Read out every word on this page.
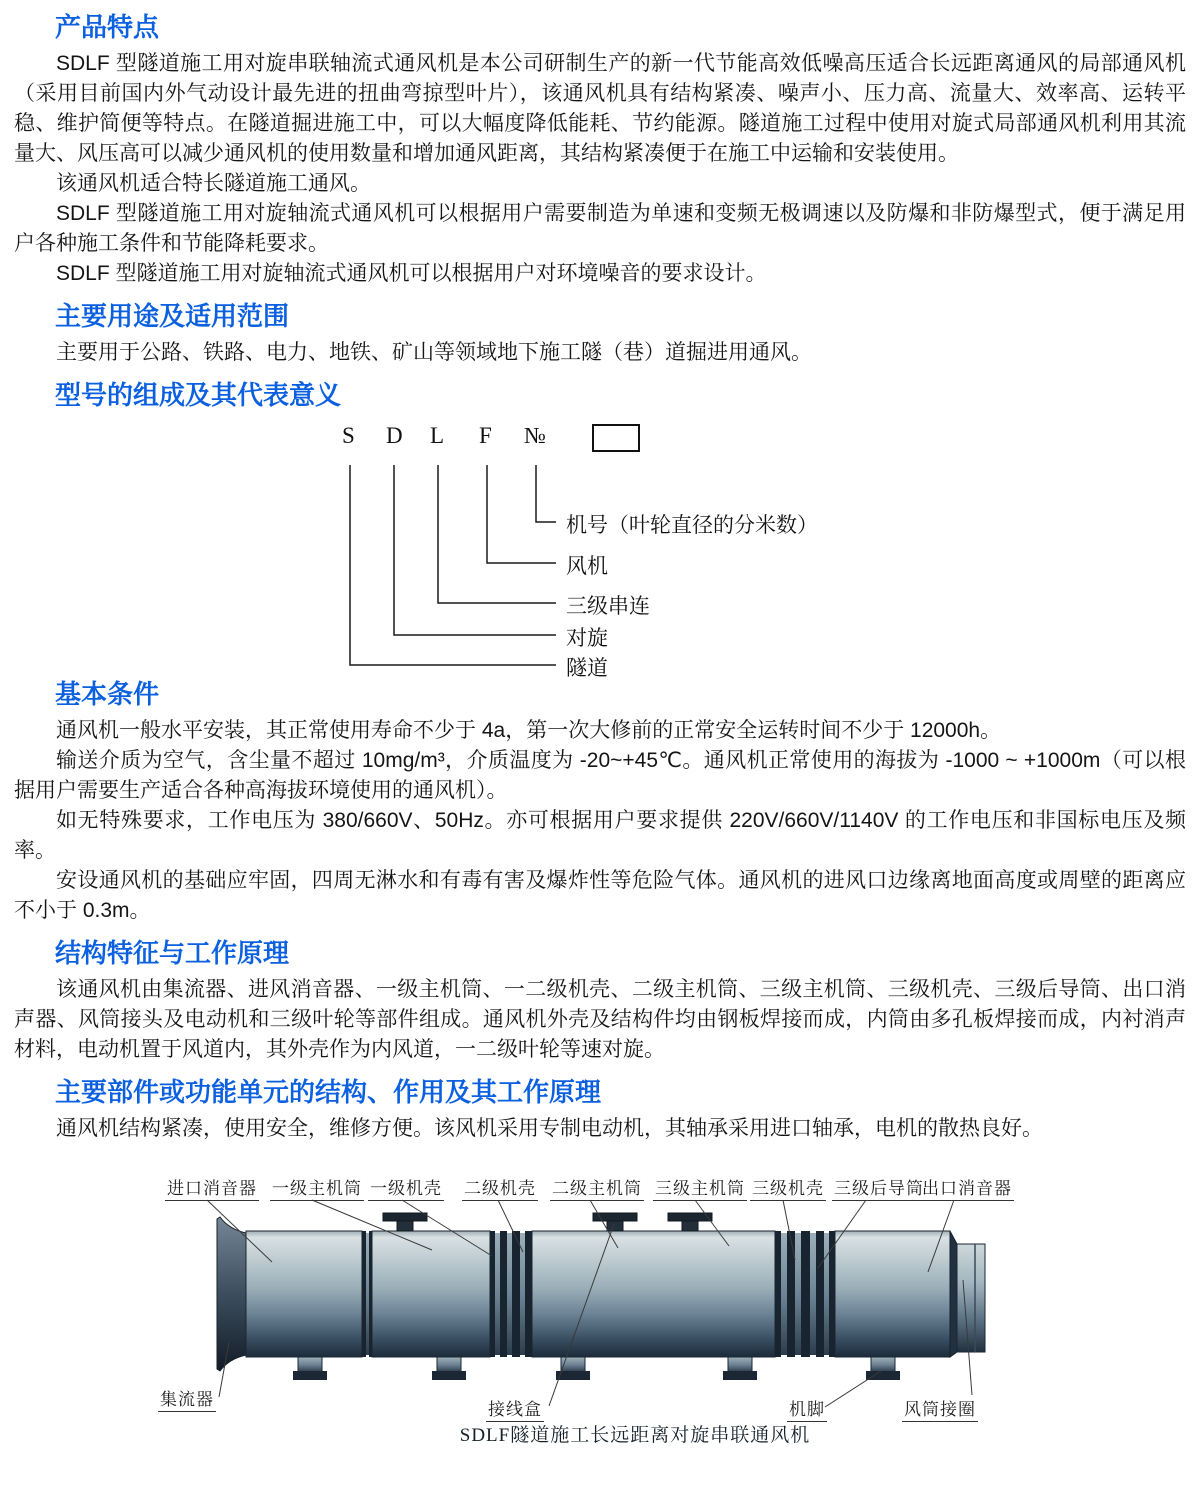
产品特点

SDLF 型隧道施工用对旋串联轴流式通风机是本公司研制生产的新一代节能高效低噪高压适合长远距离通风的局部通风机（采用目前国内外气动设计最先进的扭曲弯掠型叶片），该通风机具有结构紧凑、噪声小、压力高、流量大、效率高、运转平稳、维护简便等特点。在隧道掘进施工中，可以大幅度降低能耗、节约能源。隧道施工过程中使用对旋式局部通风机利用其流量大、风压高可以减少通风机的使用数量和增加通风距离，其结构紧凑便于在施工中运输和安装使用。

该通风机适合特长隧道施工通风。

SDLF 型隧道施工用对旋轴流式通风机可以根据用户需要制造为单速和变频无极调速以及防爆和非防爆型式，便于满足用户各种施工条件和节能降耗要求。

SDLF 型隧道施工用对旋轴流式通风机可以根据用户对环境噪音的要求设计。

主要用途及适用范围

主要用于公路、铁路、电力、地铁、矿山等领域地下施工隧（巷）道掘进用通风。

型号的组成及其代表意义
S D L F №
机号（叶轮直径的分米数）
风机
三级串连
对旋
隧道
基本条件

通风机一般水平安装，其正常使用寿命不少于 4a，第一次大修前的正常安全运转时间不少于 12000h。

输送介质为空气，含尘量不超过 10mg/m³，介质温度为 -20~+45℃。通风机正常使用的海拔为 -1000 ~ +1000m（可以根据用户需要生产适合各种高海拔环境使用的通风机）。

如无特殊要求，工作电压为 380/660V、50Hz。亦可根据用户要求提供 220V/660V/1140V 的工作电压和非国标电压及频率。

安设通风机的基础应牢固，四周无淋水和有毒有害及爆炸性等危险气体。通风机的进风口边缘离地面高度或周壁的距离应不小于 0.3m。

结构特征与工作原理

该通风机由集流器、进风消音器、一级主机筒、一二级机壳、二级主机筒、三级主机筒、三级机壳、三级后导筒、出口消声器、风筒接头及电动机和三级叶轮等部件组成。通风机外壳及结构件均由钢板焊接而成，内筒由多孔板焊接而成，内衬消声材料，电动机置于风道内，其外壳作为内风道，一二级叶轮等速对旋。

主要部件或功能单元的结构、作用及其工作原理

通风机结构紧凑，使用安全，维修方便。该风机采用专制电动机，其轴承采用进口轴承，电机的散热良好。

进口消音器 一级主机筒 一级机壳 二级机壳 二级主机筒 三级主机筒 三级机壳 三级后导筒
出口消音器
集流器
接线盒	机脚	风筒接圈
SDLF隧道施工长远距离对旋串联通风机
